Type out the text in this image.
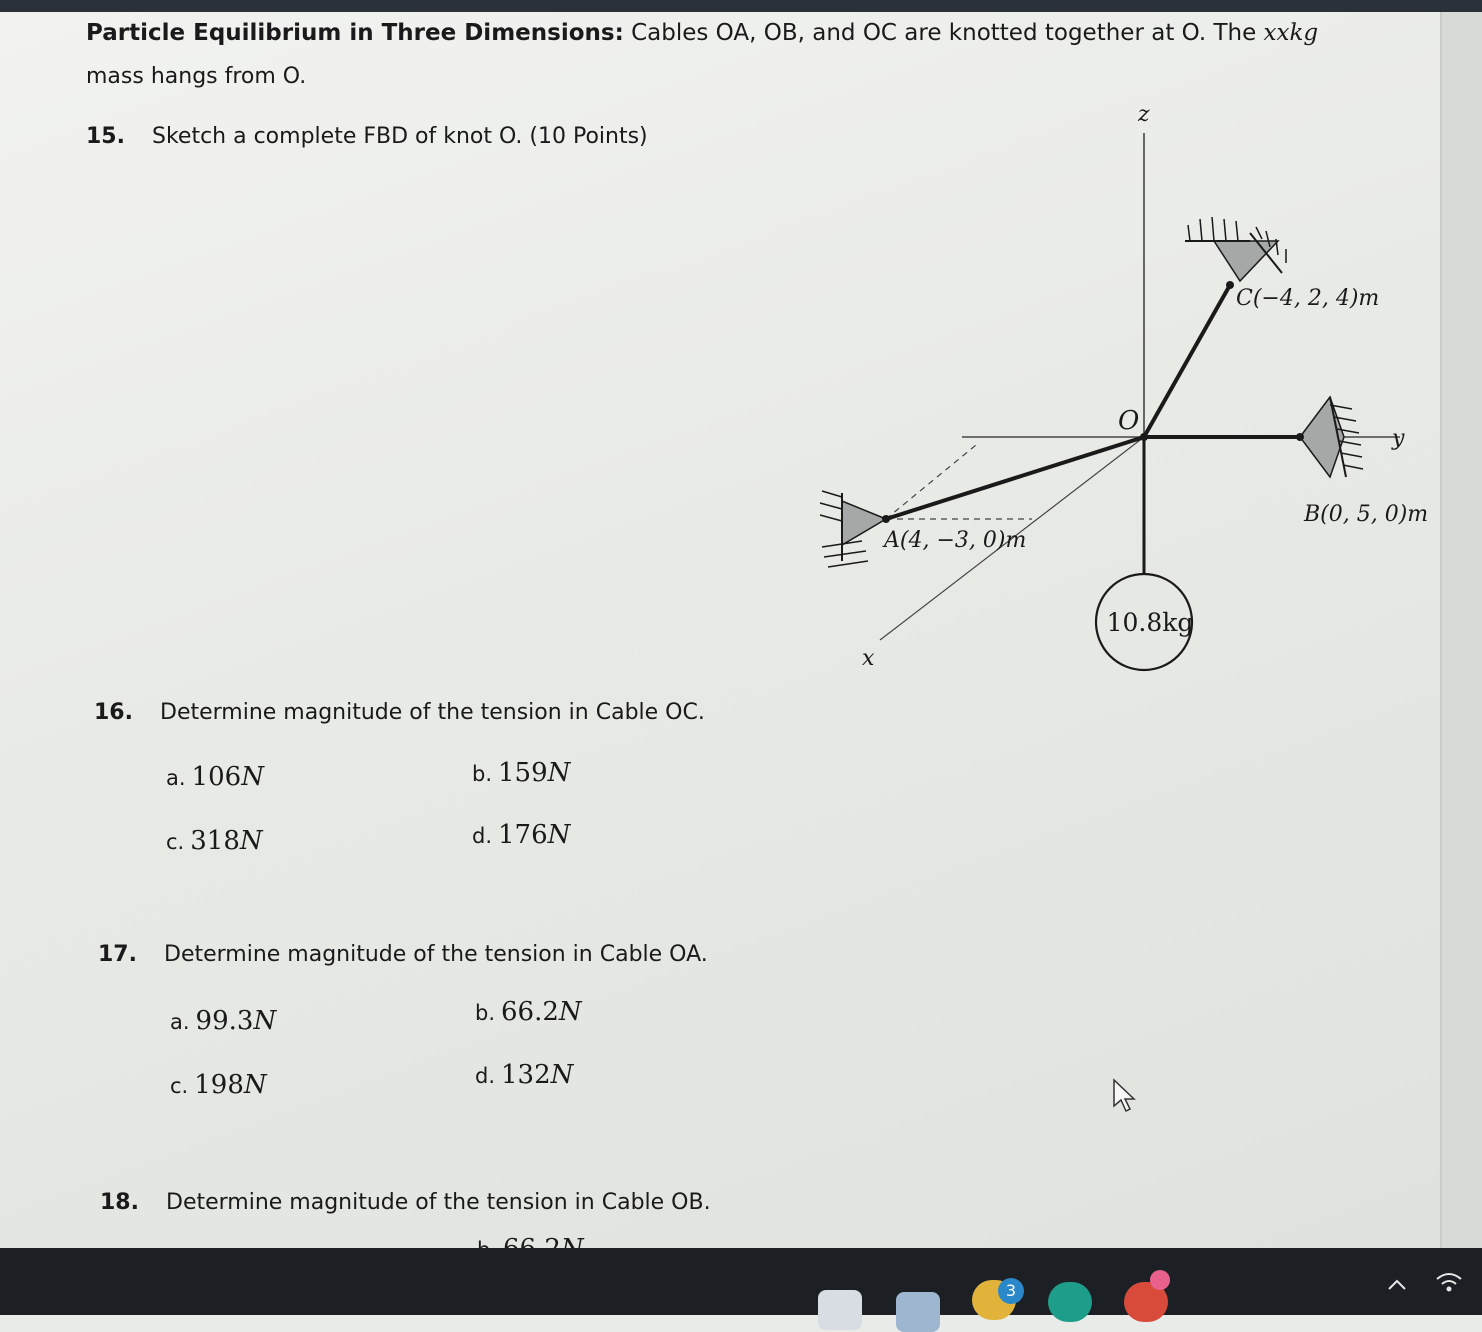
Particle Equilibrium in Three Dimensions: Cables OA, OB, and OC are knotted together at O. The xxkg
mass hangs from O.
15. Sketch a complete FBD of knot O. (10 Points)
16. Determine magnitude of the tension in Cable OC.
a. 106N	b. 159N
c. 318N	d. 176N
17. Determine magnitude of the tension in Cable OA.
a. 99.3N	b. 66.2N
c. 198N	d. 132N
18. Determine magnitude of the tension in Cable OB.
10.8kg
z
y
x
O
C(−4, 2, 4)m
B(0, 5, 0)m
A(4, −3, 0)m
3
